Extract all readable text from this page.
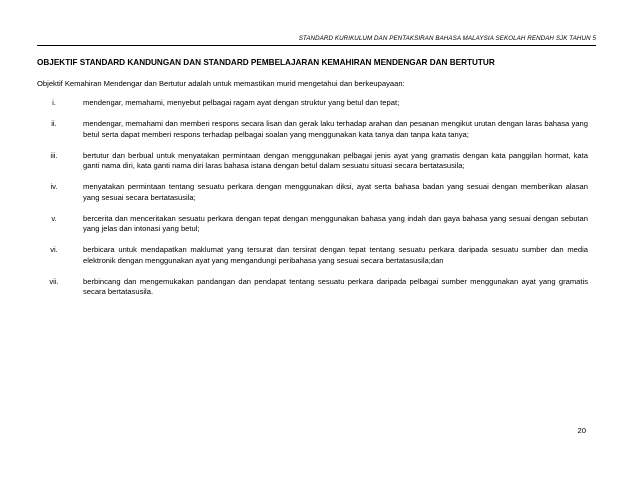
STANDARD KURIKULUM DAN PENTAKSIRAN BAHASA MALAYSIA SEKOLAH RENDAH SJK TAHUN 5
OBJEKTIF STANDARD KANDUNGAN DAN STANDARD PEMBELAJARAN KEMAHIRAN MENDENGAR DAN BERTUTUR
Objektif Kemahiran Mendengar dan Bertutur adalah untuk memastikan murid mengetahui dan berkeupayaan:
i.	mendengar, memahami, menyebut pelbagai ragam ayat dengan struktur yang betul dan tepat;
ii.	mendengar, memahami dan memberi respons secara lisan dan gerak laku terhadap arahan dan pesanan mengikut urutan dengan laras bahasa yang betul serta dapat memberi respons terhadap pelbagai soalan yang menggunakan kata tanya dan tanpa kata tanya;
iii.	bertutur dan berbual untuk menyatakan permintaan dengan menggunakan pelbagai jenis ayat yang gramatis dengan kata panggilan hormat, kata ganti nama diri, kata ganti nama diri laras bahasa istana dengan betul dalam sesuatu situasi secara bertatasusila;
iv.	menyatakan permintaan tentang sesuatu perkara dengan menggunakan diksi, ayat serta bahasa badan yang sesuai dengan memberikan alasan yang sesuai secara bertatasusila;
v.	bercerita dan menceritakan sesuatu perkara dengan tepat dengan menggunakan bahasa yang indah dan gaya bahasa yang sesuai dengan sebutan yang jelas dan intonasi yang betul;
vi.	berbicara untuk mendapatkan maklumat yang tersurat dan tersirat dengan tepat tentang sesuatu perkara daripada sesuatu sumber dan media elektronik dengan menggunakan ayat yang mengandungi peribahasa yang sesuai secara bertatasusila;dan
vii.	berbincang dan mengemukakan pandangan dan pendapat tentang sesuatu perkara daripada pelbagai sumber menggunakan ayat yang gramatis secara bertatasusila.
20
